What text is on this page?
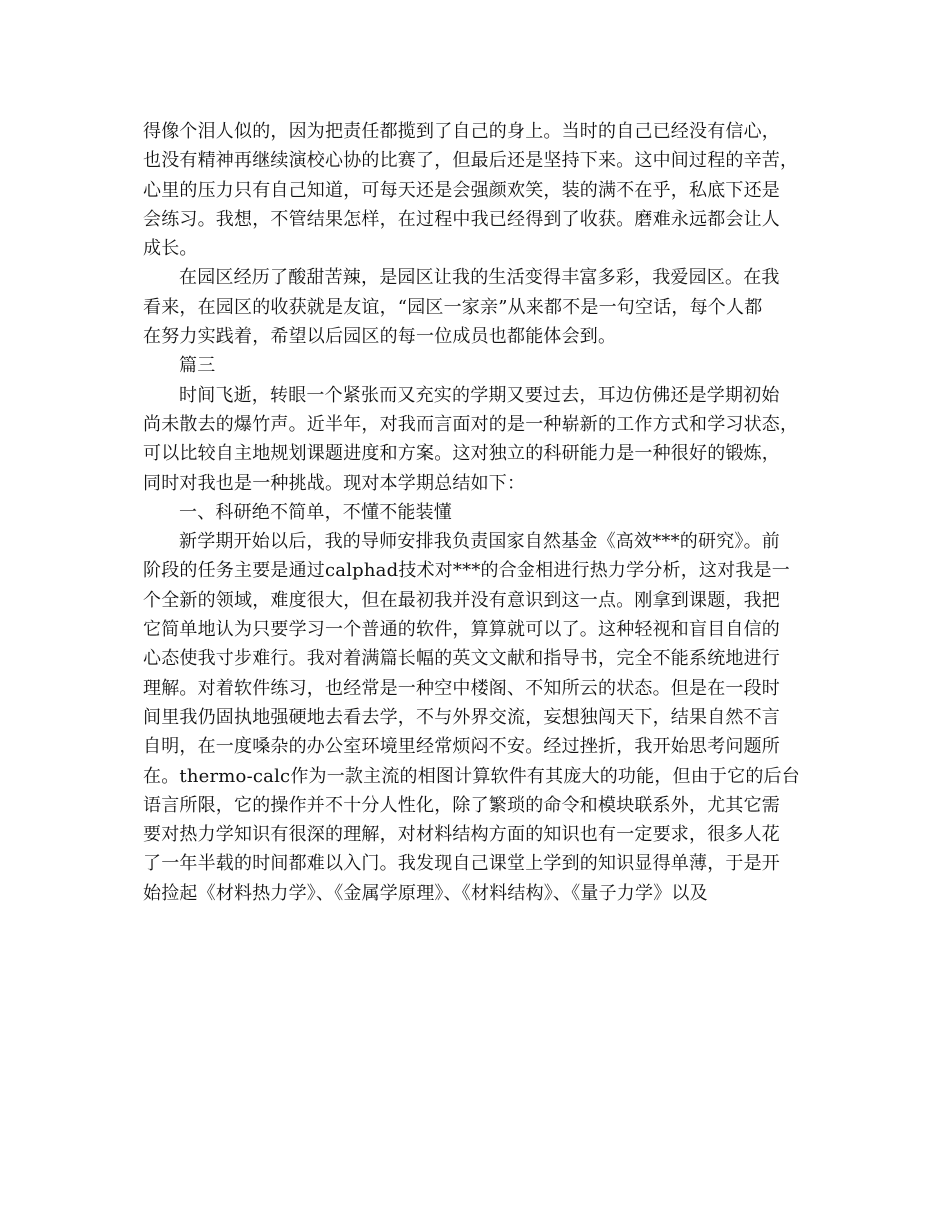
得像个泪人似的，因为把责任都揽到了自己的身上。当时的自己已经没有信心，
也没有精神再继续演校心协的比赛了，但最后还是坚持下来。这中间过程的辛苦，
心里的压力只有自己知道，可每天还是会强颜欢笑，装的满不在乎，私底下还是
会练习。我想，不管结果怎样，在过程中我已经得到了收获。磨难永远都会让人
成长。
在园区经历了酸甜苦辣，是园区让我的生活变得丰富多彩，我爱园区。在我
看来，在园区的收获就是友谊，“园区一家亲”从来都不是一句空话，每个人都
在努力实践着，希望以后园区的每一位成员也都能体会到。
篇三
时间飞逝，转眼一个紧张而又充实的学期又要过去，耳边仿佛还是学期初始
尚未散去的爆竹声。近半年，对我而言面对的是一种崭新的工作方式和学习状态，
可以比较自主地规划课题进度和方案。这对独立的科研能力是一种很好的锻炼，
同时对我也是一种挑战。现对本学期总结如下：
一、科研绝不简单，不懂不能装懂
新学期开始以后，我的导师安排我负责国家自然基金《高效***的研究》。前
阶段的任务主要是通过calphad技术对***的合金相进行热力学分析，这对我是一
个全新的领域，难度很大，但在最初我并没有意识到这一点。刚拿到课题，我把
它简单地认为只要学习一个普通的软件，算算就可以了。这种轻视和盲目自信的
心态使我寸步难行。我对着满篇长幅的英文文献和指导书，完全不能系统地进行
理解。对着软件练习，也经常是一种空中楼阁、不知所云的状态。但是在一段时
间里我仍固执地强硬地去看去学，不与外界交流，妄想独闯天下，结果自然不言
自明，在一度嗓杂的办公室环境里经常烦闷不安。经过挫折，我开始思考问题所
在。thermo-calc作为一款主流的相图计算软件有其庞大的功能，但由于它的后台
语言所限，它的操作并不十分人性化，除了繁琐的命令和模块联系外，尤其它需
要对热力学知识有很深的理解，对材料结构方面的知识也有一定要求，很多人花
了一年半载的时间都难以入门。我发现自己课堂上学到的知识显得单薄，于是开
始捡起《材料热力学》、《金属学原理》、《材料结构》、《量子力学》以及
